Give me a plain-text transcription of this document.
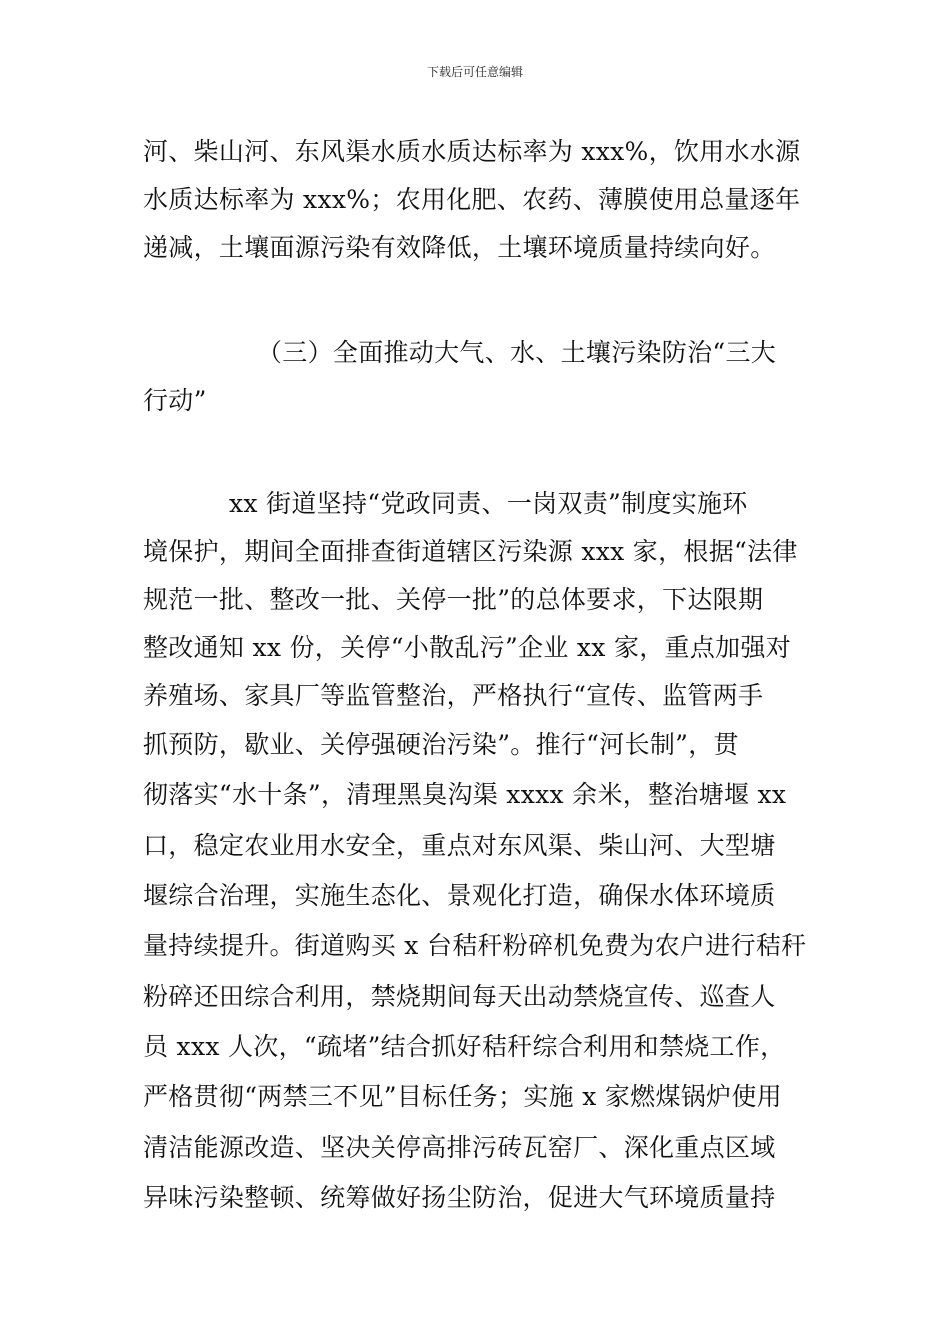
下载后可任意编辑
河、柴山河、东风渠水质水质达标率为 xxx%，饮用水水源
水质达标率为 xxx%；农用化肥、农药、薄膜使用总量逐年
递减，土壤面源污染有效降低，土壤环境质量持续向好。
（三）全面推动大气、水、土壤污染防治“三大
行动”
xx 街道坚持“党政同责、一岗双责”制度实施环
境保护，期间全面排查街道辖区污染源 xxx 家，根据“法律
规范一批、整改一批、关停一批”的总体要求，下达限期
整改通知 xx 份，关停“小散乱污”企业 xx 家，重点加强对
养殖场、家具厂等监管整治，严格执行“宣传、监管两手
抓预防，歇业、关停强硬治污染”。推行“河长制”，贯
彻落实“水十条”，清理黑臭沟渠 xxxx 余米，整治塘堰 xx
口，稳定农业用水安全，重点对东风渠、柴山河、大型塘
堰综合治理，实施生态化、景观化打造，确保水体环境质
量持续提升。街道购买 x 台秸秆粉碎机免费为农户进行秸秆
粉碎还田综合利用，禁烧期间每天出动禁烧宣传、巡查人
员 xxx 人次，“疏堵”结合抓好秸秆综合利用和禁烧工作，
严格贯彻“两禁三不见”目标任务；实施 x 家燃煤锅炉使用
清洁能源改造、坚决关停高排污砖瓦窑厂、深化重点区域
异味污染整顿、统筹做好扬尘防治，促进大气环境质量持
